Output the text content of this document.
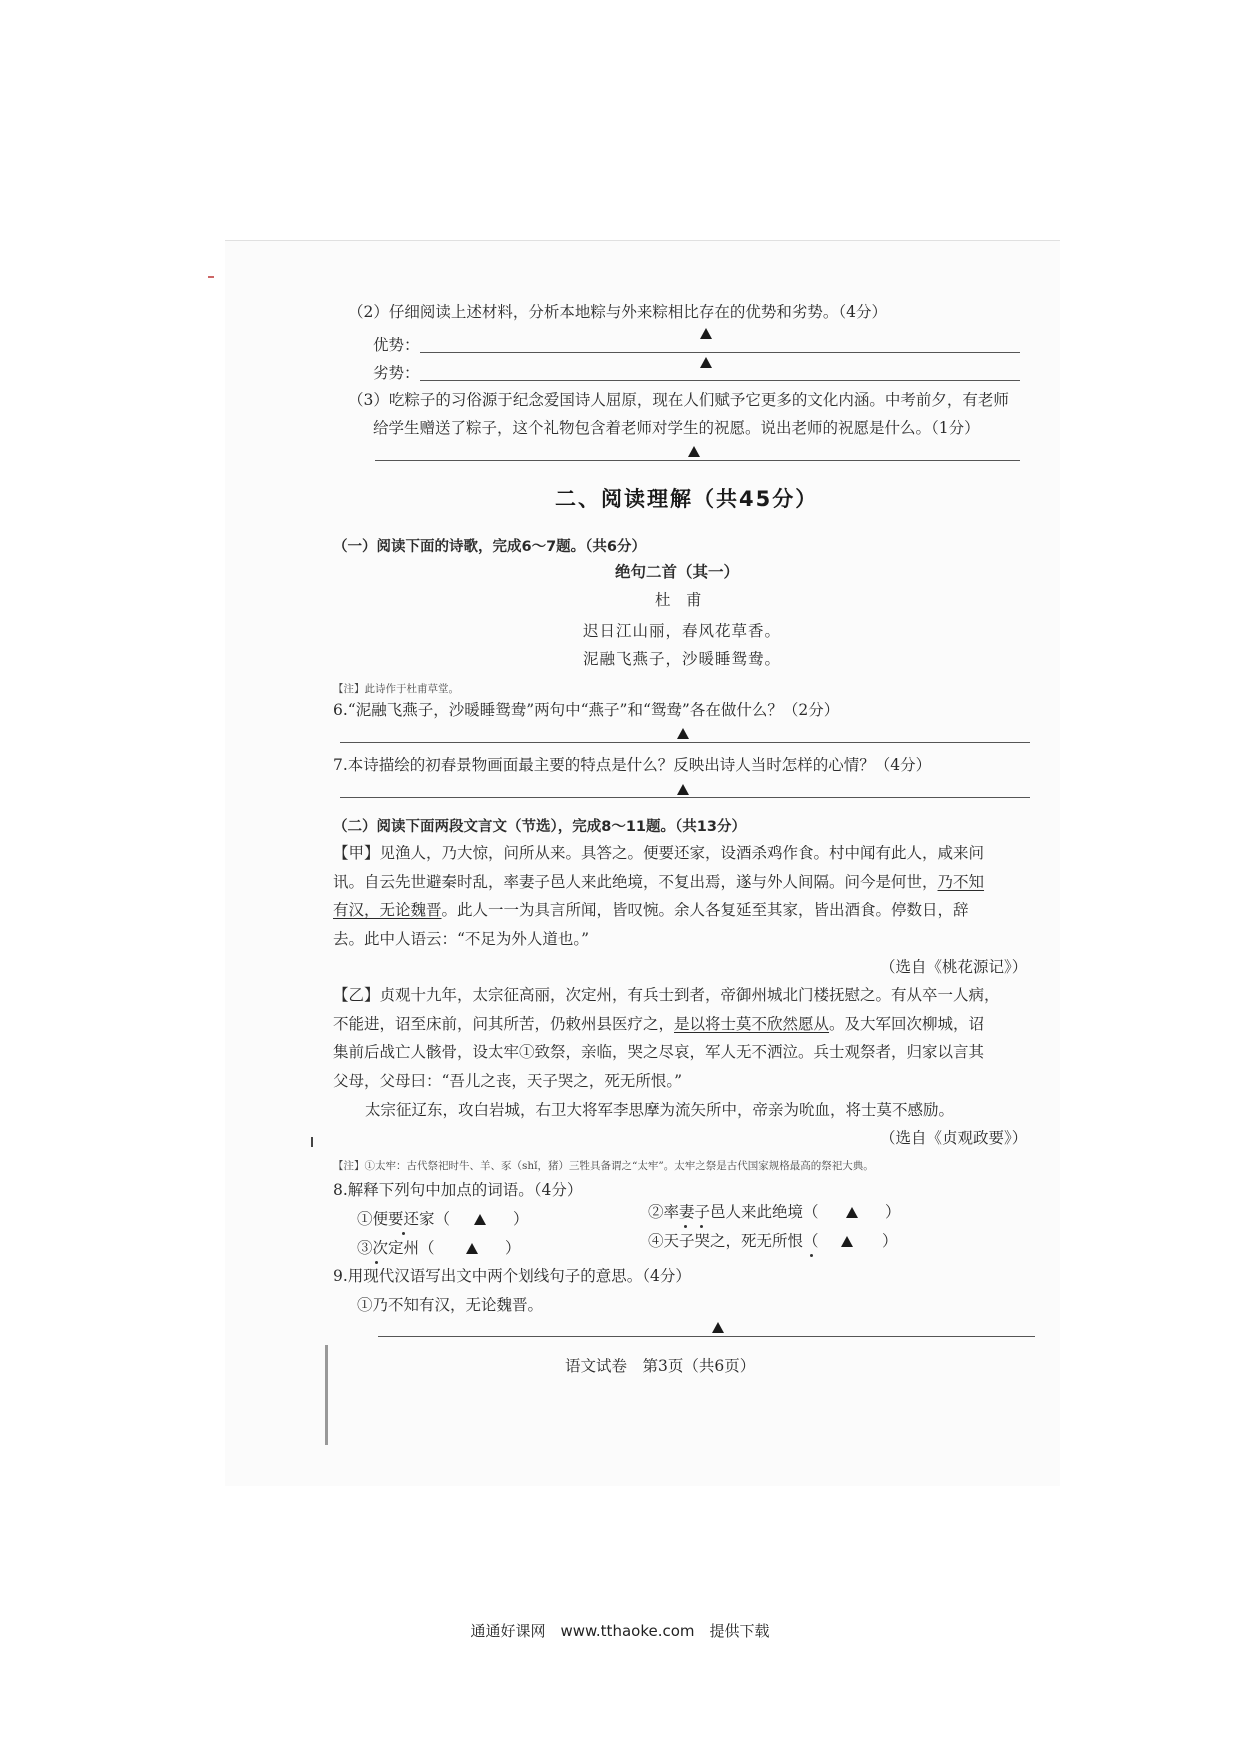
（2）仔细阅读上述材料，分析本地粽与外来粽相比存在的优势和劣势。（4分）
优势：
劣势：
（3）吃粽子的习俗源于纪念爱国诗人屈原，现在人们赋予它更多的文化内涵。中考前夕，有老师
给学生赠送了粽子，这个礼物包含着老师对学生的祝愿。说出老师的祝愿是什么。（1分）
二、阅读理解（共45分）
（一）阅读下面的诗歌，完成6～7题。（共6分）
绝句二首（其一）
杜　甫
迟日江山丽，春风花草香。
泥融飞燕子，沙暖睡鸳鸯。
【注】此诗作于杜甫草堂。
6.“泥融飞燕子，沙暖睡鸳鸯”两句中“燕子”和“鸳鸯”各在做什么？（2分）
7.本诗描绘的初春景物画面最主要的特点是什么？反映出诗人当时怎样的心情？（4分）
（二）阅读下面两段文言文（节选），完成8～11题。（共13分）
【甲】见渔人，乃大惊，问所从来。具答之。便要还家，设酒杀鸡作食。村中闻有此人，咸来问
讯。自云先世避秦时乱，率妻子邑人来此绝境，不复出焉，遂与外人间隔。问今是何世，乃不知
有汉，无论魏晋。此人一一为具言所闻，皆叹惋。余人各复延至其家，皆出酒食。停数日，辞
去。此中人语云：“不足为外人道也。”
（选自《桃花源记》）
【乙】贞观十九年，太宗征高丽，次定州，有兵士到者，帝御州城北门楼抚慰之。有从卒一人病，
不能进，诏至床前，问其所苦，仍敕州县医疗之，是以将士莫不欣然愿从。及大军回次柳城，诏
集前后战亡人骸骨，设太牢①致祭，亲临，哭之尽哀，军人无不洒泣。兵士观祭者，归家以言其
父母，父母曰：“吾儿之丧，天子哭之，死无所恨。”
太宗征辽东，攻白岩城，右卫大将军李思摩为流矢所中，帝亲为吮血，将士莫不感励。
（选自《贞观政要》）
【注】①太牢：古代祭祀时牛、羊、豕（shǐ，猪）三牲具备谓之“太牢”。太牢之祭是古代国家规格最高的祭祀大典。
8.解释下列句中加点的词语。（4分）
①便要还家（	）	②率妻子邑人来此绝境（	）
③次定州（	）	④天子哭之，死无所恨（	）
9.用现代汉语写出文中两个划线句子的意思。（4分）
①乃不知有汉，无论魏晋。
语文试卷　第3页（共6页）
通通好课网　www.tthaoke.com　提供下载
